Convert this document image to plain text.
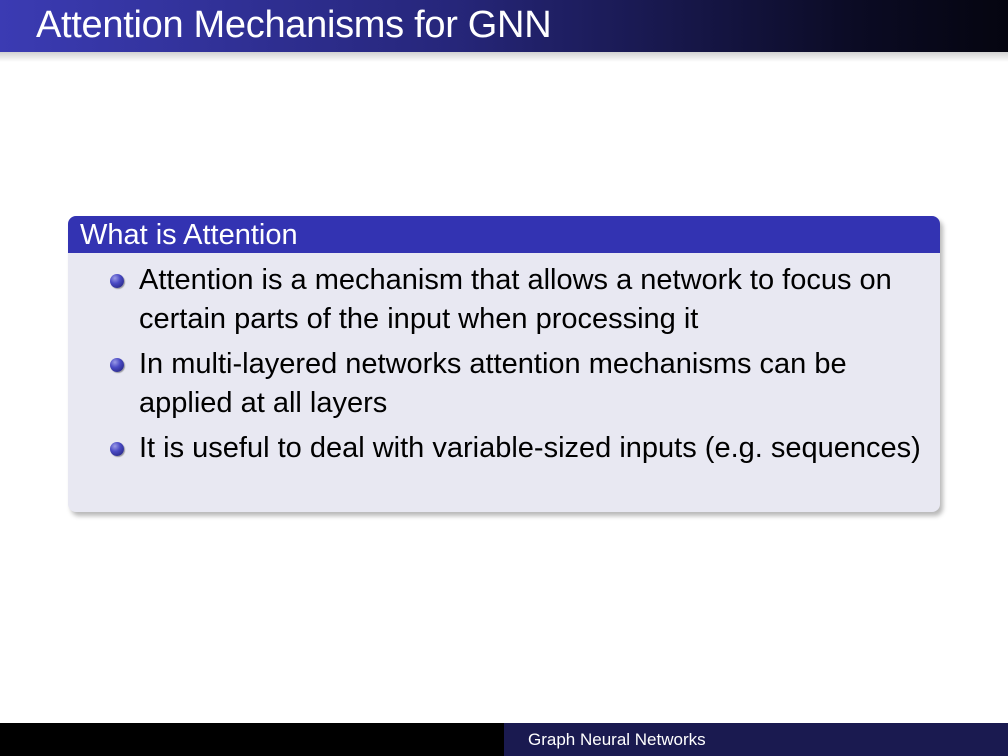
Attention Mechanisms for GNN
What is Attention
Attention is a mechanism that allows a network to focus on certain parts of the input when processing it
In multi-layered networks attention mechanisms can be applied at all layers
It is useful to deal with variable-sized inputs (e.g. sequences)
Graph Neural Networks
